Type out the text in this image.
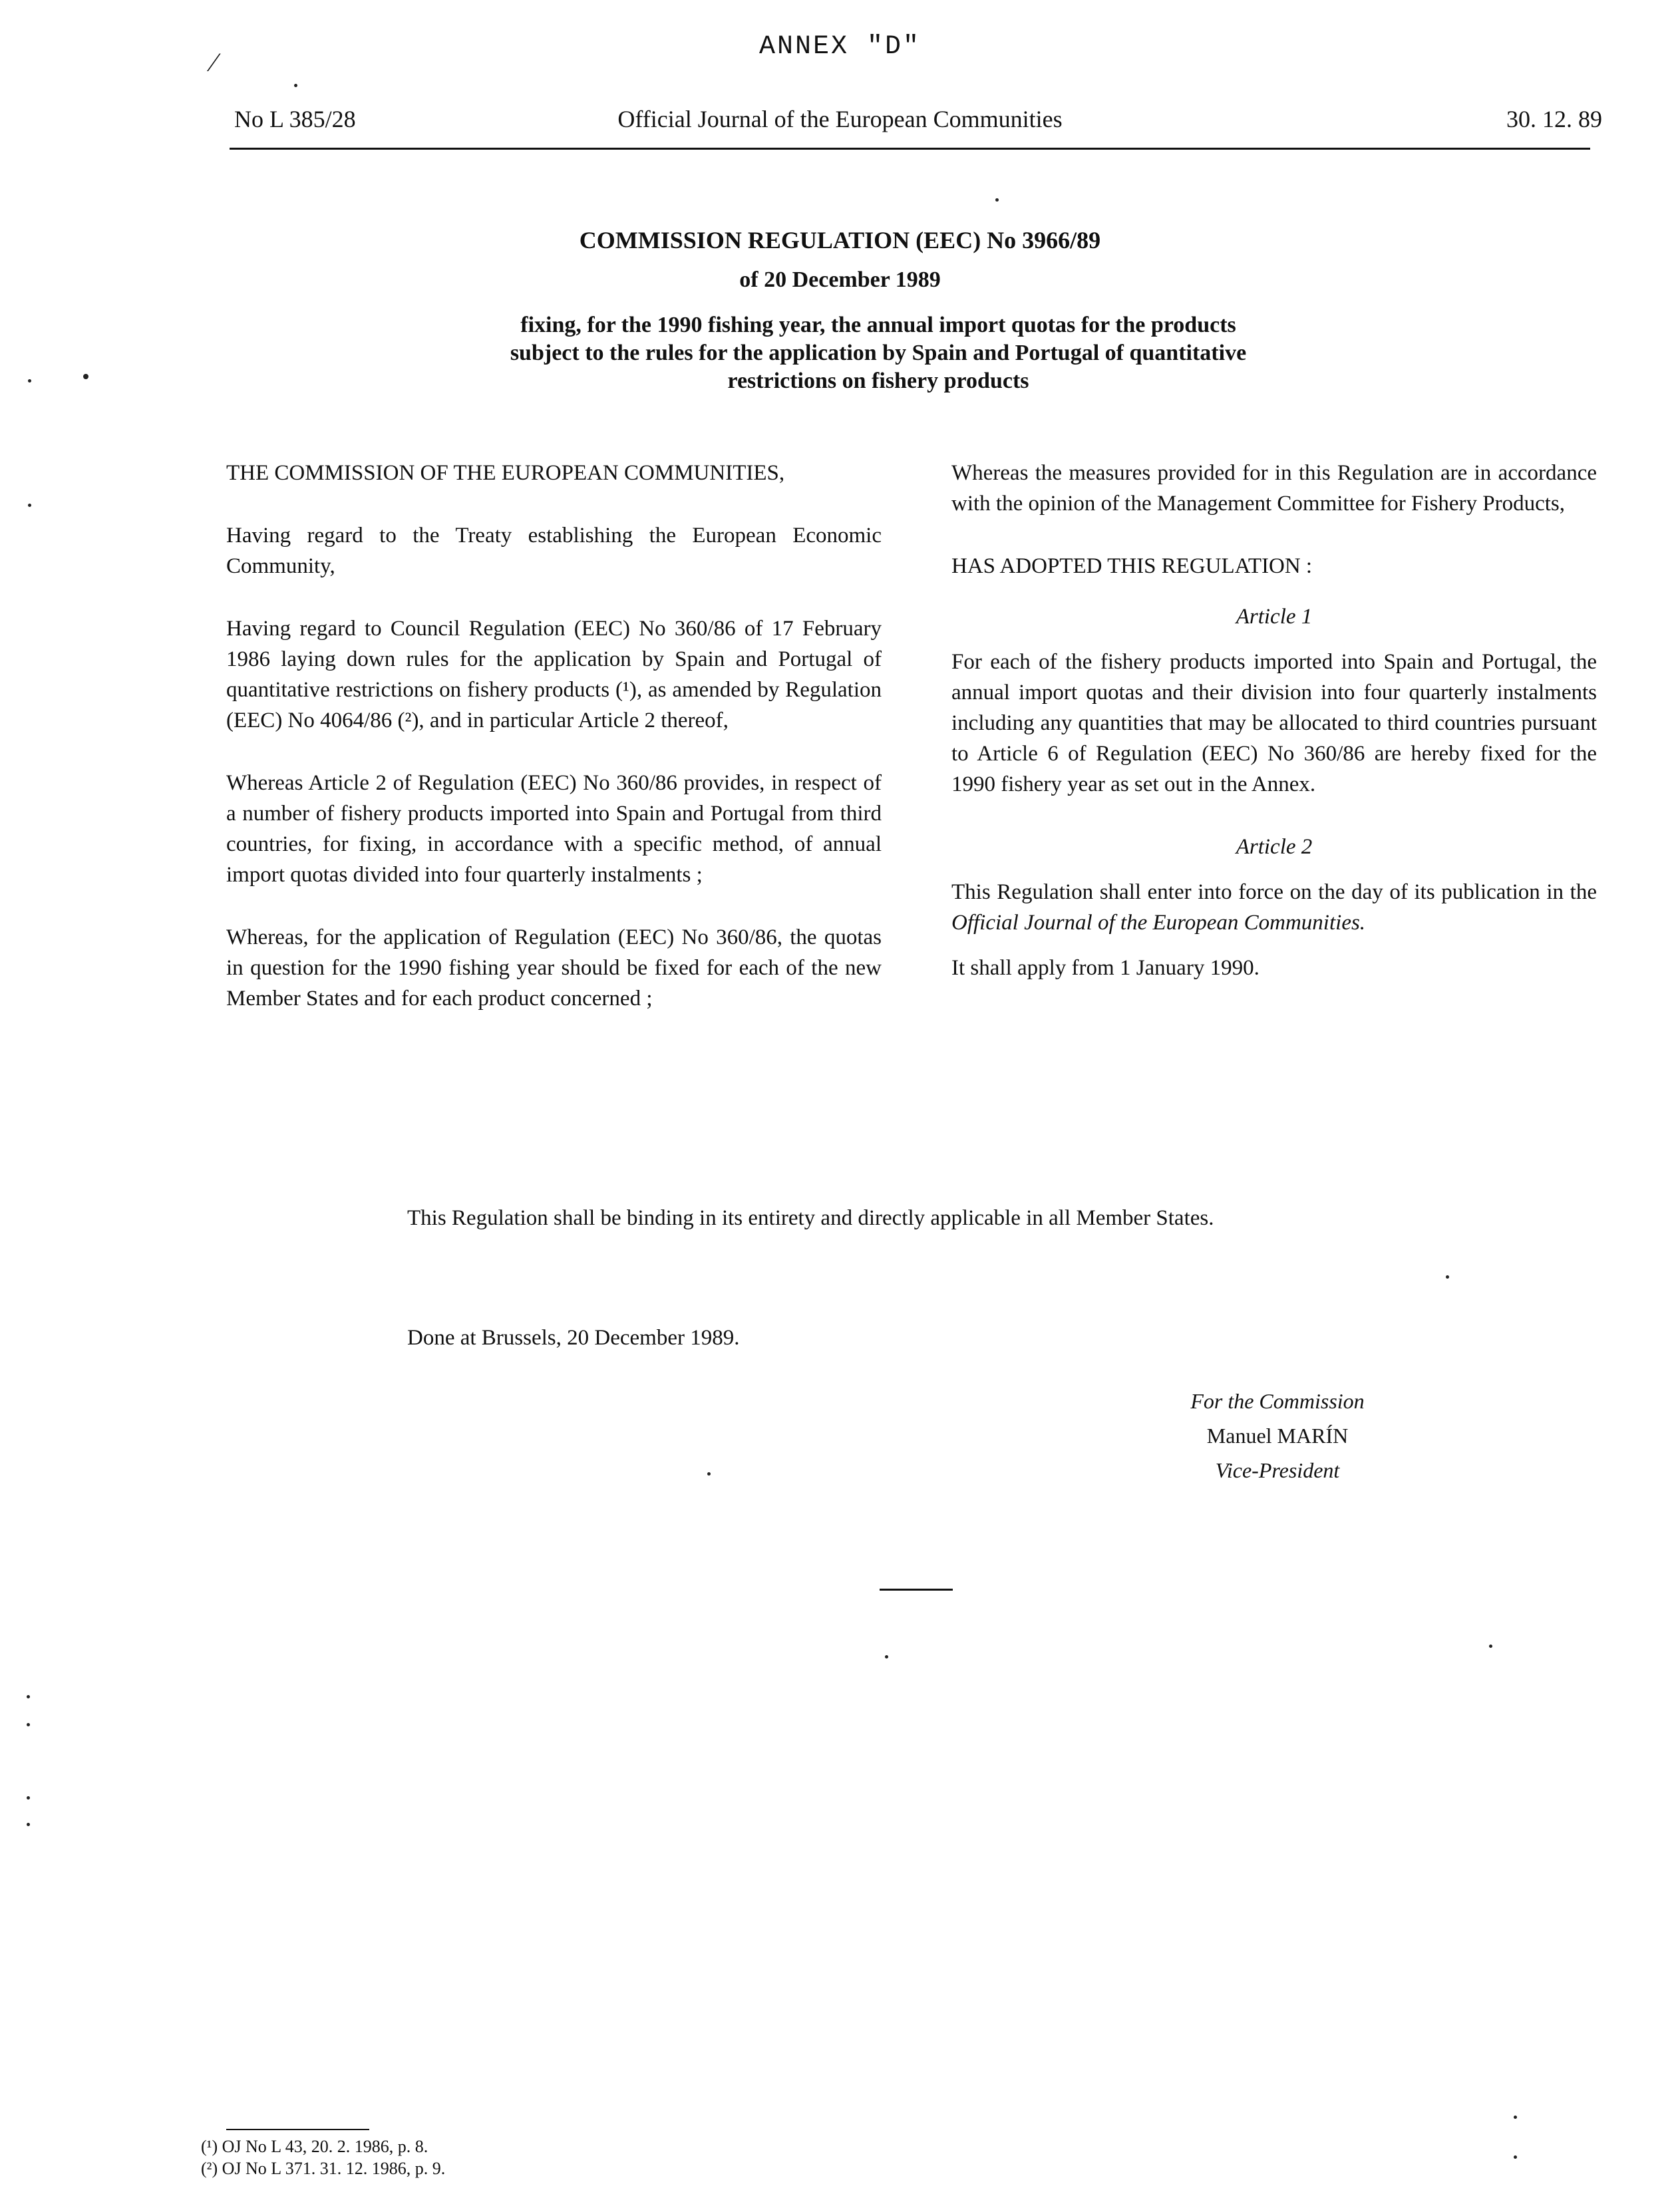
ANNEX "D"
⁄
No L 385/28	Official Journal of the European Communities	30. 12. 89
COMMISSION REGULATION (EEC) No 3966/89
of 20 December 1989
fixing, for the 1990 fishing year, the annual import quotas for the products
subject to the rules for the application by Spain and Portugal of quantitative
restrictions on fishery products

THE COMMISSION OF THE EUROPEAN COMMUNITIES,

Having regard to the Treaty establishing the European Economic Community,

Having regard to Council Regulation (EEC) No 360/86 of 17 February 1986 laying down rules for the application by Spain and Portugal of quantitative restrictions on fishery products (¹), as amended by Regulation (EEC) No 4064/86 (²), and in particular Article 2 thereof,

Whereas Article 2 of Regulation (EEC) No 360/86 provides, in respect of a number of fishery products imported into Spain and Portugal from third countries, for fixing, in accordance with a specific method, of annual import quotas divided into four quarterly instalments ;

Whereas, for the application of Regulation (EEC) No 360/86, the quotas in question for the 1990 fishing year should be fixed for each of the new Member States and for each product concerned ;

Whereas the measures provided for in this Regulation are in accordance with the opinion of the Management Committee for Fishery Products,

HAS ADOPTED THIS REGULATION :

Article 1

For each of the fishery products imported into Spain and Portugal, the annual import quotas and their division into four quarterly instalments including any quantities that may be allocated to third countries pursuant to Article 6 of Regulation (EEC) No 360/86 are hereby fixed for the 1990 fishery year as set out in the Annex.

Article 2

This Regulation shall enter into force on the day of its publication in the Official Journal of the European Communities.

It shall apply from 1 January 1990.

This Regulation shall be binding in its entirety and directly applicable in all Member States.
Done at Brussels, 20 December 1989.
For the Commission
Manuel MARÍN
Vice-President
(¹) OJ No L 43, 20. 2. 1986, p. 8.
(²) OJ No L 371. 31. 12. 1986, p. 9.
